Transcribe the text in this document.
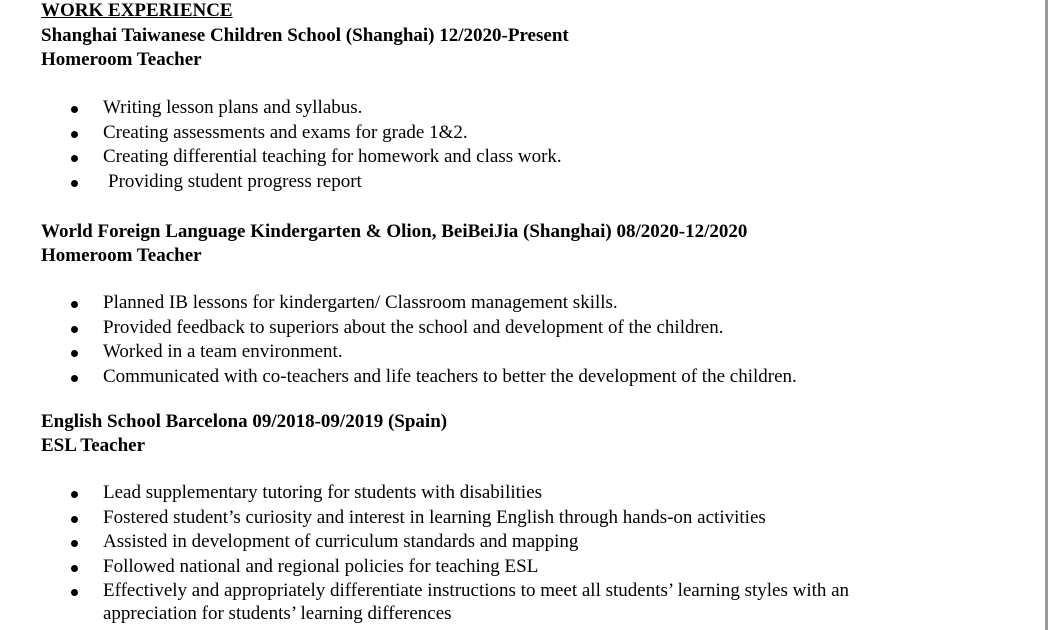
WORK EXPERIENCE
Shanghai Taiwanese Children School (Shanghai) 12/2020-Present
Homeroom Teacher
Writing lesson plans and syllabus.
Creating assessments and exams for grade 1&2.
Creating differential teaching for homework and class work.
Providing student progress report
World Foreign Language Kindergarten & Olion, BeiBeiJia (Shanghai) 08/2020-12/2020
Homeroom Teacher
Planned IB lessons for kindergarten/ Classroom management skills.
Provided feedback to superiors about the school and development of the children.
Worked in a team environment.
Communicated with co-teachers and life teachers to better the development of the children.
English School Barcelona 09/2018-09/2019 (Spain)
ESL Teacher
Lead supplementary tutoring for students with disabilities
Fostered student’s curiosity and interest in learning English through hands-on activities
Assisted in development of curriculum standards and mapping
Followed national and regional policies for teaching ESL
Effectively and appropriately differentiate instructions to meet all students’ learning styles with an appreciation for students’ learning differences
